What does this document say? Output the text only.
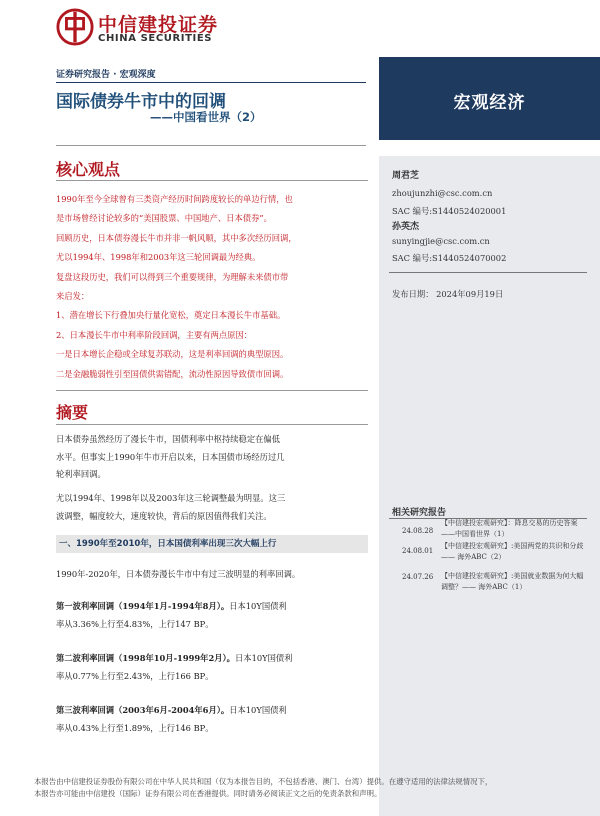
中信建投证券
CHINA SECURITIES
证券研究报告 · 宏观深度
国际债券牛市中的回调
——中国看世界（2）
宏观经济
核心观点

1990年至今全球曾有三类资产经历时间跨度较长的单边行情，也

是市场曾经讨论较多的“美国股票、中国地产、日本债券”。

回顾历史，日本债券漫长牛市并非一帆风顺，其中多次经历回调，

尤以1994年、1998年和2003年这三轮回调最为经典。

复盘这段历史，我们可以得到三个重要规律，为理解未来债市带

来启发：

1、潜在增长下行叠加央行量化宽松，奠定日本漫长牛市基础。

2、日本漫长牛市中利率阶段回调，主要有两点原因：

一是日本增长企稳或全球复苏联动，这是利率回调的典型原因。

二是金融脆弱性引至国债供需错配，流动性原因导致债市回调。

摘要
日本债券虽然经历了漫长牛市，国债利率中枢持续稳定在偏低
水平。但事实上1990年牛市开启以来，日本国债市场经历过几
轮利率回调。
尤以1994年、1998年以及2003年这三轮调整最为明显。这三
波调整，幅度较大，速度较快，背后的原因值得我们关注。
一、1990年至2010年，日本国债利率出现三次大幅上行
1990年-2020年，日本债券漫长牛市中有过三波明显的利率回调。
第一波利率回调（1994年1月-1994年8月）。日本10Y国债利
率从3.36%上行至4.83%，上行147 BP。
第二波利率回调（1998年10月-1999年2月）。日本10Y国债利
率从0.77%上行至2.43%，上行166 BP。
第三波利率回调（2003年6月-2004年6月）。日本10Y国债利
率从0.43%上行至1.89%，上行146 BP。
周君芝
zhoujunzhi@csc.com.cn
SAC 编号:S1440524020001
孙英杰
sunyingjie@csc.com.cn
SAC 编号:S1440524070002
发布日期： 2024年09月19日
相关研究报告
24.08.28
【中信建投宏观研究】：降息交易的历史答案——中国看世界（1）
24.08.01
【中信建投宏观研究】:美国两党的共识和分歧—— 海外ABC（2）
24.07.26 【中信建投宏观研究】:美国就业数据为何大幅调整？—— 海外ABC（1）
本报告由中信建投证券股份有限公司在中华人民共和国（仅为本报告目的，不包括香港、澳门、台湾）提供。在遵守适用的法律法规情况下，
本报告亦可能由中信建投（国际）证券有限公司在香港提供。同时请务必阅读正文之后的免责条款和声明。
